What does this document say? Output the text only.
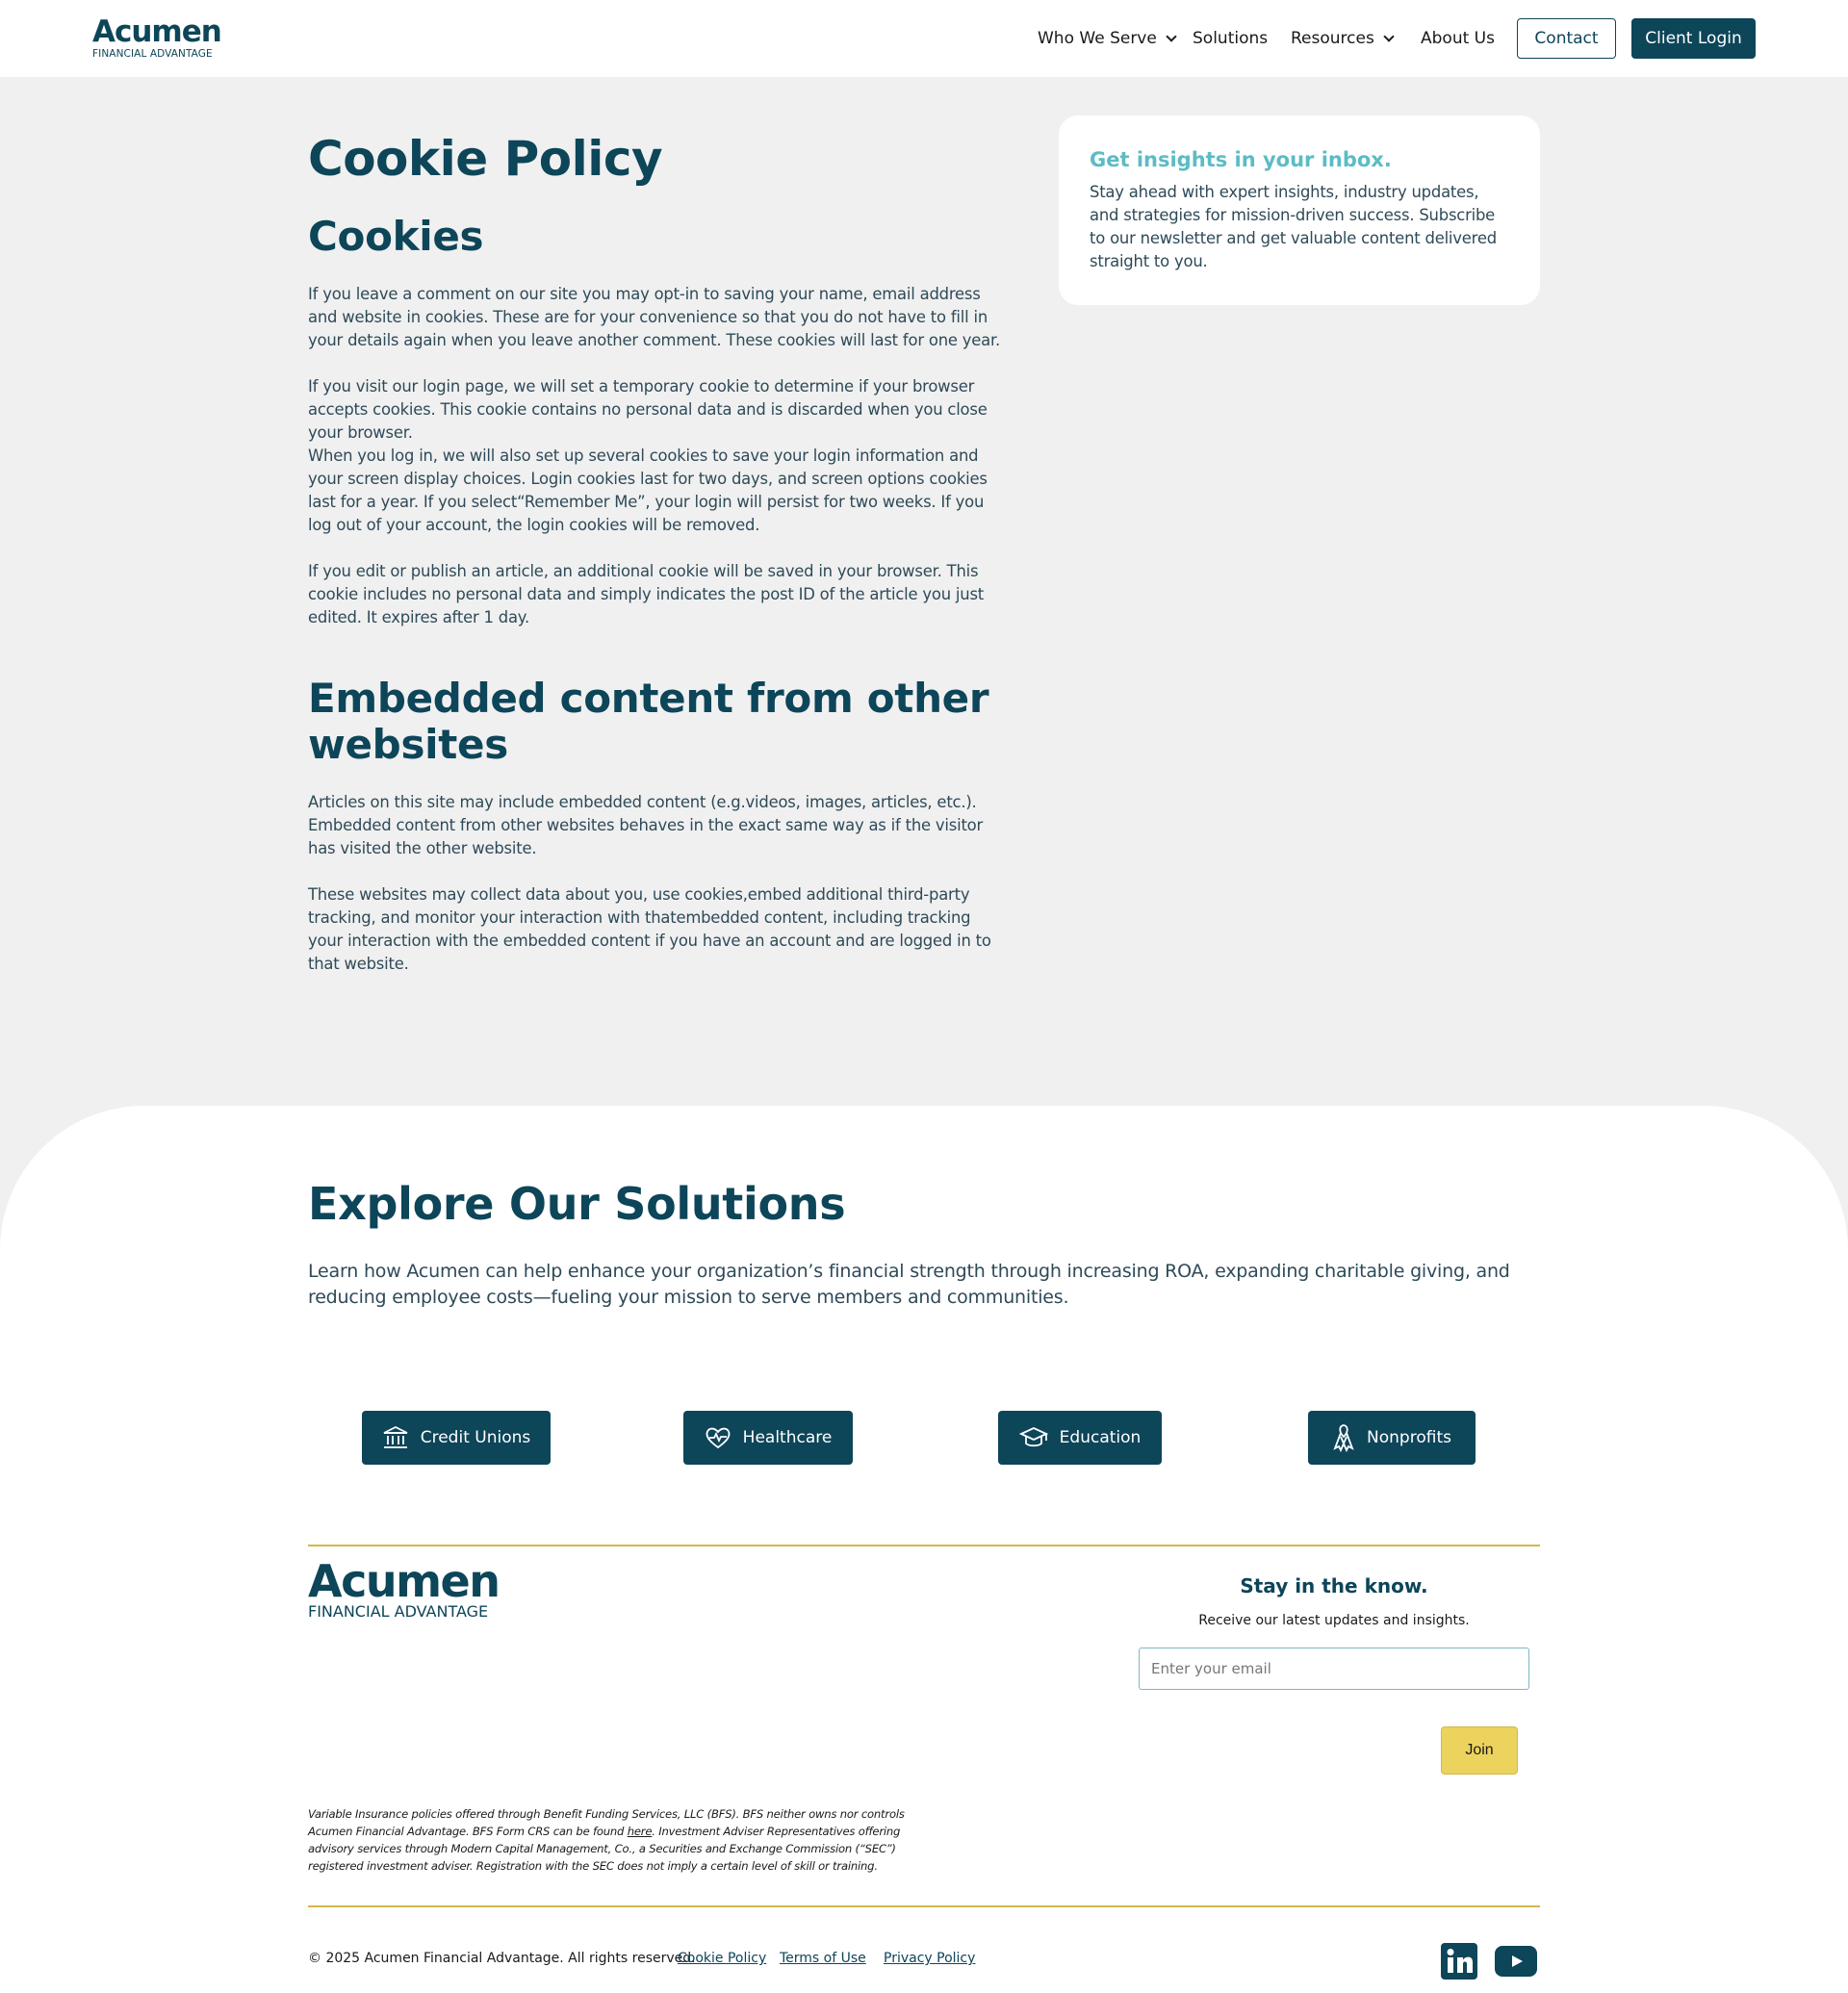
Acumen
FINANCIAL ADVANTAGE
Who We Serve Solutions Resources	About Us	Contact	Client Login
Cookie Policy
Cookies

If you leave a comment on our site you may opt-in to saving your name, email address and website in cookies. These are for your convenience so that you do not have to fill in your details again when you leave another comment. These cookies will last for one year.

If you visit our login page, we will set a temporary cookie to determine if your browser accepts cookies. This cookie contains no personal data and is discarded when you close your browser.

When you log in, we will also set up several cookies to save your login information and your screen display choices. Login cookies last for two days, and screen options cookies last for a year. If you select“Remember Me”, your login will persist for two weeks. If you log out of your account, the login cookies will be removed.

If you edit or publish an article, an additional cookie will be saved in your browser. This cookie includes no personal data and simply indicates the post ID of the article you just edited. It expires after 1 day.

Embedded content from other websites

Articles on this site may include embedded content (e.g.videos, images, articles, etc.). Embedded content from other websites behaves in the exact same way as if the visitor has visited the other website.

These websites may collect data about you, use cookies,embed additional third-party tracking, and monitor your interaction with thatembedded content, including tracking your interaction with the embedded content if you have an account and are logged in to that website.

Get insights in your inbox.
Stay ahead with expert insights, industry updates, and strategies for mission-driven success. Subscribe to our newsletter and get valuable content delivered straight to you.
Explore Our Solutions

Learn how Acumen can help enhance your organization’s financial strength through increasing ROA, expanding charitable giving, and reducing employee costs—fueling your mission to serve members and communities.

Credit Unions	Healthcare	Education	Nonprofits
Acumen
FINANCIAL ADVANTAGE
Stay in the know.
Receive our latest updates and insights.
Enter your email
Join

Variable Insurance policies offered through Benefit Funding Services, LLC (BFS). BFS neither owns nor controls Acumen Financial Advantage. BFS Form CRS can be found here. Investment Adviser Representatives offering advisory services through Modern Capital Management, Co., a Securities and Exchange Commission (“SEC”) registered investment adviser. Registration with the SEC does not imply a certain level of skill or training.

© 2025 Acumen Financial Advantage. All rights reserved.
Cookie Policy Terms of Use Privacy Policy
